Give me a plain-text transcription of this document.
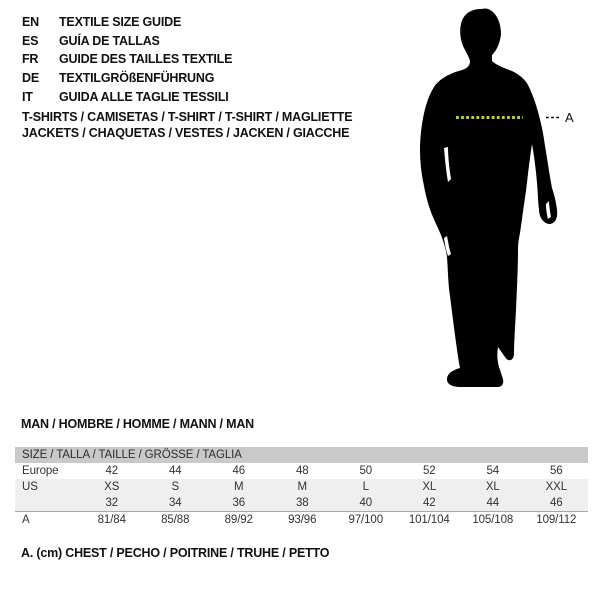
EN TEXTILE SIZE GUIDE
ES GUÍA DE TALLAS
FR GUIDE DES TAILLES TEXTILE
DE TEXTILGRÖßENFÜHRUNG
IT GUIDA ALLE TAGLIE TESSILI
T-SHIRTS / CAMISETAS / T-SHIRT / T-SHIRT / MAGLIETTE
JACKETS / CHAQUETAS / VESTES / JACKEN / GIACCHE
A
MAN / HOMBRE / HOMME / MANN / MAN
SIZE / TALLA / TAILLE / GRÖSSE / TAGLIA								
Europe	42	44	46	48	50	52	54	56
US	XS	S	M	M	L	XL	XL	XXL
	32	34	36	38	40	42	44	46
A	81/84	85/88	89/92	93/96	97/100	101/104	105/108	109/112
A. (cm) CHEST / PECHO / POITRINE / TRUHE / PETTO
